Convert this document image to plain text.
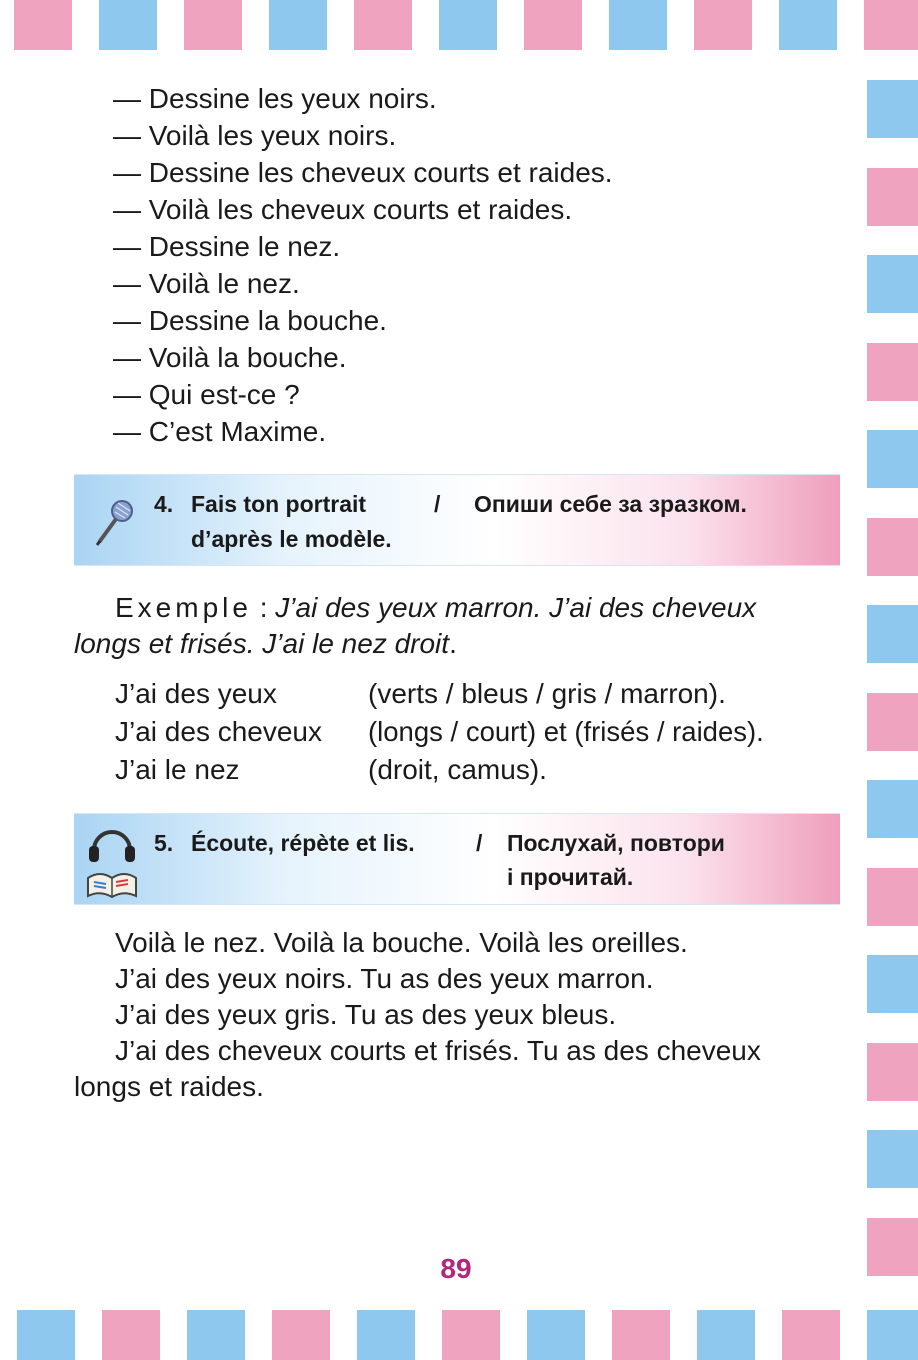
— Dessine les yeux noirs.
— Voilà les yeux noirs.
— Dessine les cheveux courts et raides.
— Voilà les cheveux courts et raides.
— Dessine le nez.
— Voilà le nez.
— Dessine la bouche.
— Voilà la bouche.
— Qui est-ce ?
— C’est Maxime.
4. Fais ton portrait	/ Опиши себе за зразком.
d’après le modèle.
Exemple : J’ai des yeux marron. J’ai des cheveux
longs et frisés. J’ai le nez droit.
J’ai des yeux	(verts / bleus / gris / marron).
J’ai des cheveux (longs / court) et (frisés / raides).
J’ai le nez	(droit, camus).
5. Écoute, répète et lis.	/ Послухай, повтори
і прочитай.
Voilà le nez. Voilà la bouche. Voilà les oreilles.
J’ai des yeux noirs. Tu as des yeux marron.
J’ai des yeux gris. Tu as des yeux bleus.
J’ai des cheveux courts et frisés. Tu as des cheveux
longs et raides.
89
